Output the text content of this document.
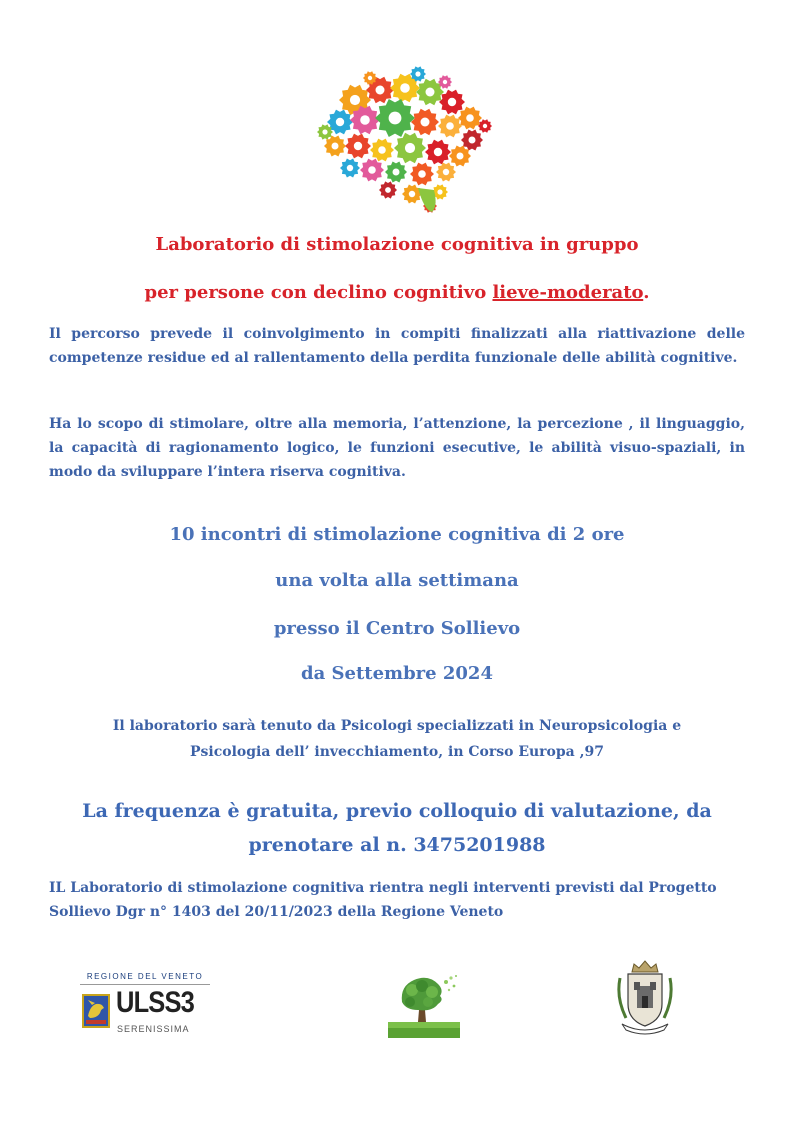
Laboratorio di stimolazione cognitiva in gruppo
per persone con declino cognitivo lieve-moderato.
Il percorso prevede il coinvolgimento in compiti finalizzati alla riattivazione delle competenze residue ed al rallentamento della perdita funzionale delle abilità cognitive.
Ha lo scopo di stimolare, oltre alla memoria, l’attenzione, la percezione , il linguaggio, la capacità di ragionamento logico, le funzioni esecutive, le abilità visuo-spaziali, in modo da sviluppare l’intera riserva cognitiva.
10 incontri di stimolazione cognitiva di 2 ore
una volta alla settimana
presso il Centro Sollievo
da Settembre 2024
Il laboratorio sarà tenuto da Psicologi specializzati in Neuropsicologia e
Psicologia dell’ invecchiamento, in Corso Europa ,97
La frequenza è gratuita, previo colloquio di valutazione, da
prenotare al n. 3475201988
IL Laboratorio di stimolazione cognitiva rientra negli interventi previsti dal Progetto Sollievo Dgr n° 1403 del 20/11/2023 della Regione Veneto
REGIONE DEL VENETO
ULSS3
SERENISSIMA
